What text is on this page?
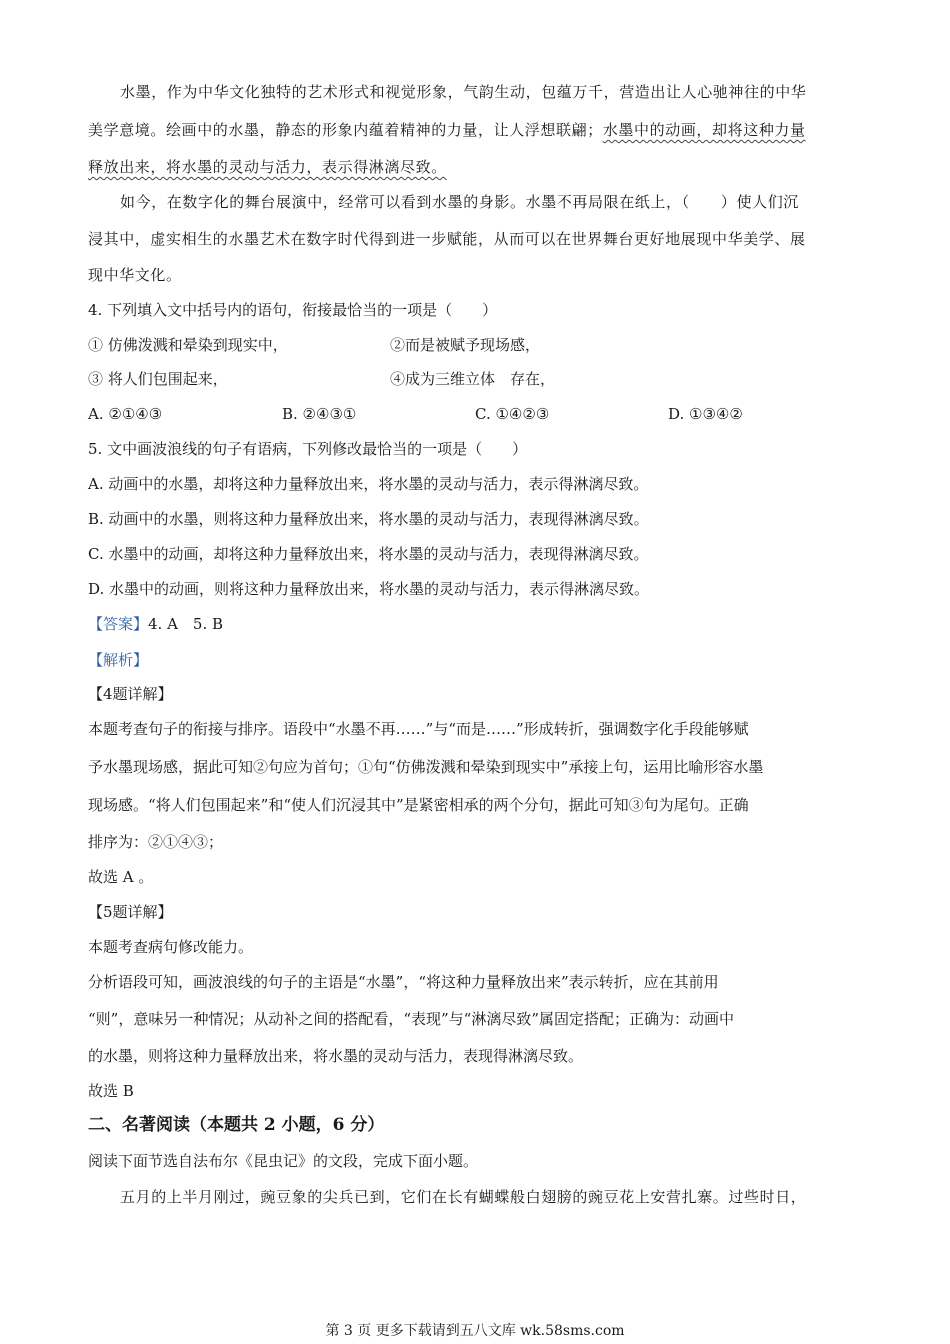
水墨，作为中华文化独特的艺术形式和视觉形象，气韵生动，包蕴万千，营造出让人心驰神往的中华
美学意境。绘画中的水墨，静态的形象内蕴着精神的力量，让人浮想联翩；水墨中的动画，却将这种力量
释放出来，将水墨的灵动与活力，表示得淋漓尽致。
如今，在数字化的舞台展演中，经常可以看到水墨的身影。水墨不再局限在纸上，（　　）使人们沉
浸其中，虚实相生的水墨艺术在数字时代得到进一步赋能，从而可以在世界舞台更好地展现中华美学、展
现中华文化。
4. 下列填入文中括号内的语句，衔接最恰当的一项是（　　）
① 仿佛泼溅和晕染到现实中，	②而是被赋予现场感，
③ 将人们包围起来，	④成为三维立体　存在，
A. ②①④③	B. ②④③①	C. ①④②③	D. ①③④②
5. 文中画波浪线的句子有语病，下列修改最恰当的一项是（　　）
A. 动画中的水墨，却将这种力量释放出来，将水墨的灵动与活力，表示得淋漓尽致。
B. 动画中的水墨，则将这种力量释放出来，将水墨的灵动与活力，表现得淋漓尽致。
C. 水墨中的动画，却将这种力量释放出来，将水墨的灵动与活力，表现得淋漓尽致。
D. 水墨中的动画，则将这种力量释放出来，将水墨的灵动与活力，表示得淋漓尽致。
【答案】4. A　5. B
【解析】
【4题详解】
本题考查句子的衔接与排序。语段中“水墨不再……”与“而是……”形成转折，强调数字化手段能够赋
予水墨现场感，据此可知②句应为首句；①句“仿佛泼溅和晕染到现实中”承接上句，运用比喻形容水墨
现场感。“将人们包围起来”和“使人们沉浸其中”是紧密相承的两个分句，据此可知③句为尾句。正确
排序为：②①④③；
故选 A 。
【5题详解】
本题考查病句修改能力。
分析语段可知，画波浪线的句子的主语是“水墨”，“将这种力量释放出来”表示转折，应在其前用
“则”，意味另一种情况；从动补之间的搭配看，“表现”与“淋漓尽致”属固定搭配；正确为：动画中
的水墨，则将这种力量释放出来，将水墨的灵动与活力，表现得淋漓尽致。
故选 B
二、名著阅读（本题共 2 小题，6 分）
阅读下面节选自法布尔《昆虫记》的文段，完成下面小题。
五月的上半月刚过，豌豆象的尖兵已到，它们在长有蝴蝶般白翅膀的豌豆花上安营扎寨。过些时日，
第 3 页 更多下载请到五八文库 wk.58sms.com
